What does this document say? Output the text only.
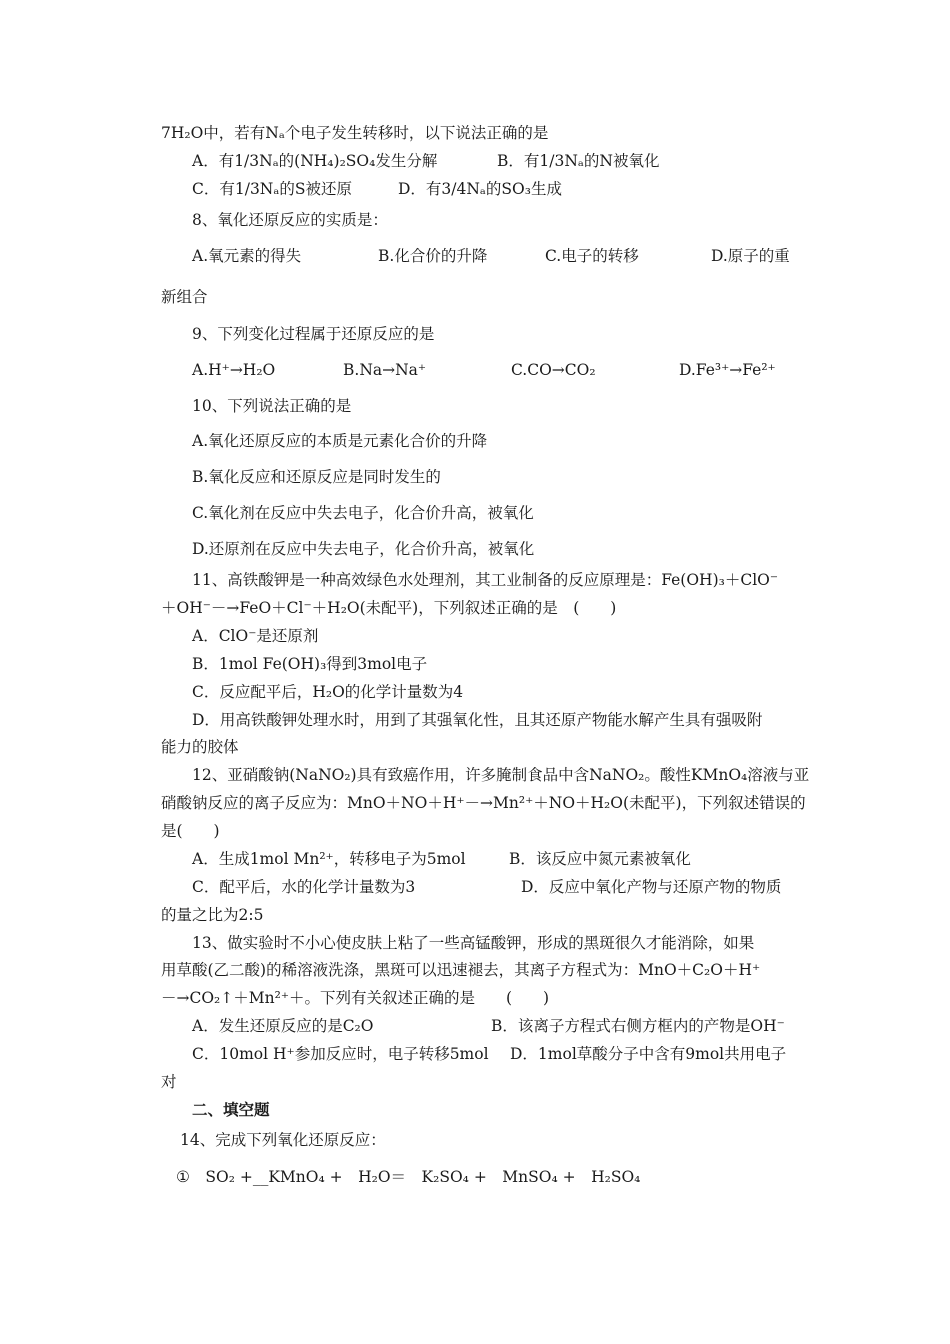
7H₂O中，若有Nₐ个电子发生转移时，以下说法正确的是
A．有1/3Nₐ的(NH₄)₂SO₄发生分解	B．有1/3Nₐ的N被氧化
C．有1/3Nₐ的S被还原	D．有3/4Nₐ的SO₃生成
8、氧化还原反应的实质是：
A.氧元素的得失	B.化合价的升降	C.电子的转移	D.原子的重
新组合
9、下列变化过程属于还原反应的是
A.H⁺→H₂O	B.Na→Na⁺	C.CO→CO₂	D.Fe³⁺→Fe²⁺
10、下列说法正确的是
A.氧化还原反应的本质是元素化合价的升降
B.氧化反应和还原反应是同时发生的
C.氧化剂在反应中失去电子，化合价升高，被氧化
D.还原剂在反应中失去电子，化合价升高，被氧化
11、高铁酸钾是一种高效绿色水处理剂，其工业制备的反应原理是：Fe(OH)₃＋ClO⁻
＋OH⁻－→FeO＋Cl⁻＋H₂O(未配平)，下列叙述正确的是　(　　)
A．ClO⁻是还原剂
B．1mol Fe(OH)₃得到3mol电子
C．反应配平后，H₂O的化学计量数为4
D．用高铁酸钾处理水时，用到了其强氧化性，且其还原产物能水解产生具有强吸附
能力的胶体
12、亚硝酸钠(NaNO₂)具有致癌作用，许多腌制食品中含NaNO₂。酸性KMnO₄溶液与亚
硝酸钠反应的离子反应为：MnO＋NO＋H⁺－→Mn²⁺＋NO＋H₂O(未配平)，下列叙述错误的
是(　　)
A．生成1mol Mn²⁺，转移电子为5mol	B．该反应中氮元素被氧化
C．配平后，水的化学计量数为3	D．反应中氧化产物与还原产物的物质
的量之比为2:5
13、做实验时不小心使皮肤上粘了一些高锰酸钾，形成的黑斑很久才能消除，如果
用草酸(乙二酸)的稀溶液洗涤，黑斑可以迅速褪去，其离子方程式为：MnO＋C₂O＋H⁺
－→CO₂↑＋Mn²⁺＋。下列有关叙述正确的是　　(　　)
A．发生还原反应的是C₂O	B．该离子方程式右侧方框内的产物是OH⁻
C．10mol H⁺参加反应时，电子转移5mol D．1mol草酸分子中含有9mol共用电子
对
二、填空题
14、完成下列氧化还原反应：
①　SO₂ +__KMnO₄ +　H₂O＝　K₂SO₄ +　MnSO₄ +　H₂SO₄
